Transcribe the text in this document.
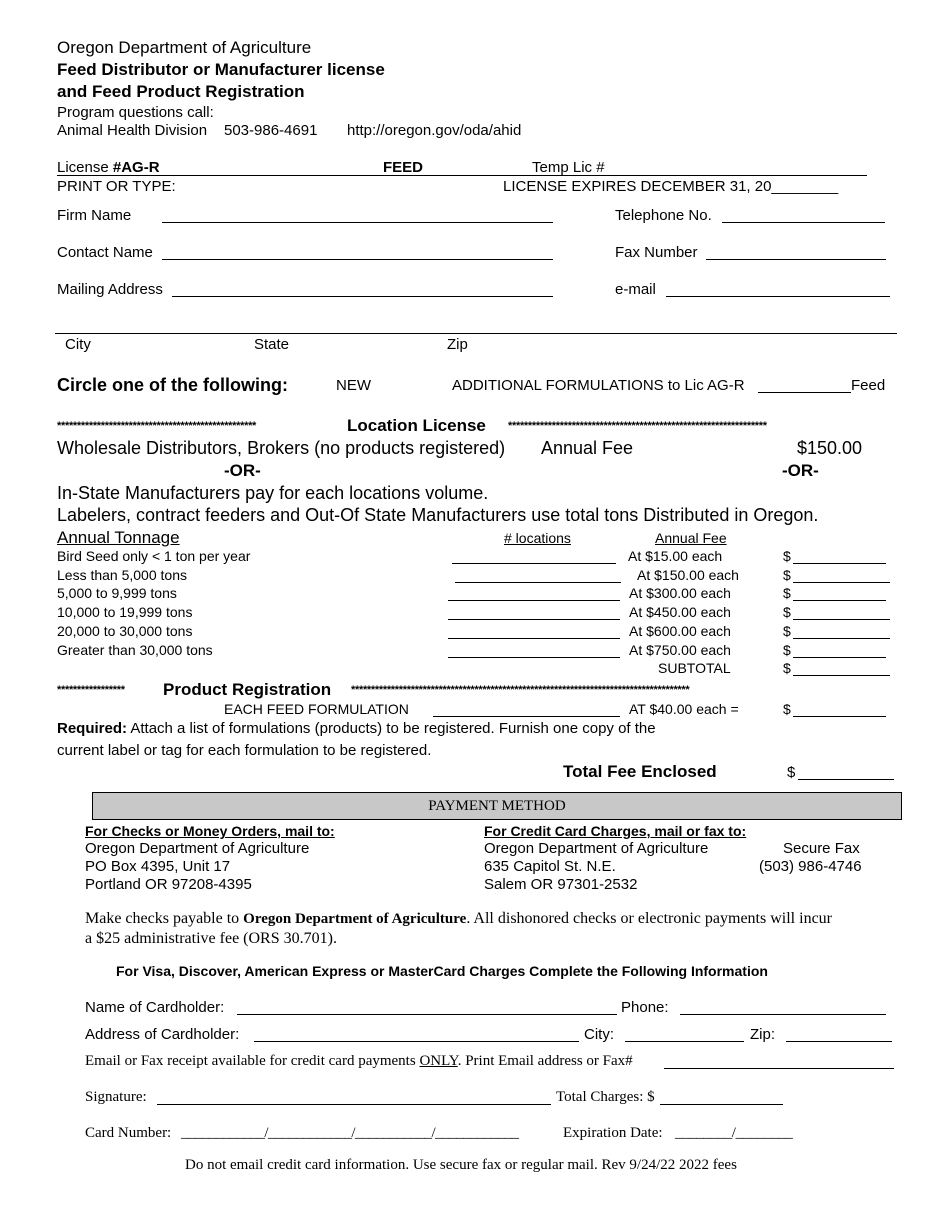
Oregon Department of Agriculture
Feed Distributor or Manufacturer license
and Feed Product Registration
Program questions call:
Animal Health Division 503-986-4691 http://oregon.gov/oda/ahid
License #AG-R	FEED	Temp Lic #
PRINT OR TYPE:	LICENSE EXPIRES DECEMBER 31, 20________
Firm Name	Telephone No.
Contact Name	Fax Number
Mailing Address	e-mail
City	State	Zip
Circle one of the following:	NEW	ADDITIONAL FORMULATIONS to Lic AG-R	Feed
**************************************************	Location License *****************************************************************
Wholesale Distributors, Brokers (no products registered) Annual Fee	$150.00
-OR-	-OR-
In-State Manufacturers pay for each locations volume.
Labelers, contract feeders and Out-Of State Manufacturers use total tons Distributed in Oregon.
Annual Tonnage	# locations	Annual Fee
Bird Seed only < 1 ton per year	At $15.00 each	$
Less than 5,000 tons	At $150.00 each	$
5,000 to 9,999 tons	At $300.00 each	$
10,000 to 19,999 tons	At $450.00 each	$
20,000 to 30,000 tons	At $600.00 each	$
Greater than 30,000 tons	At $750.00 each	$
SUBTOTAL	$
***************** Product Registration *************************************************************************************
EACH FEED FORMULATION	AT $40.00 each =	$
Required: Attach a list of formulations (products) to be registered. Furnish one copy of the
current label or tag for each formulation to be registered.
Total Fee Enclosed	$
PAYMENT METHOD
For Checks or Money Orders, mail to:
Oregon Department of Agriculture
PO Box 4395, Unit 17
Portland OR 97208-4395
For Credit Card Charges, mail or fax to:
Oregon Department of Agriculture
635 Capitol St. N.E.
Salem OR 97301-2532
Secure Fax
(503) 986-4746
Make checks payable to Oregon Department of Agriculture. All dishonored checks or electronic payments will incur
a $25 administrative fee (ORS 30.701).
For Visa, Discover, American Express or MasterCard Charges Complete the Following Information
Name of Cardholder:	Phone:
Address of Cardholder:	City:	Zip:
Email or Fax receipt available for credit card payments ONLY. Print Email address or Fax#
Signature:	Total Charges: $
Card Number: ____________/____________/___________/____________	Expiration Date: ________/________
Do not email credit card information. Use secure fax or regular mail. Rev 9/24/22 2022 fees
